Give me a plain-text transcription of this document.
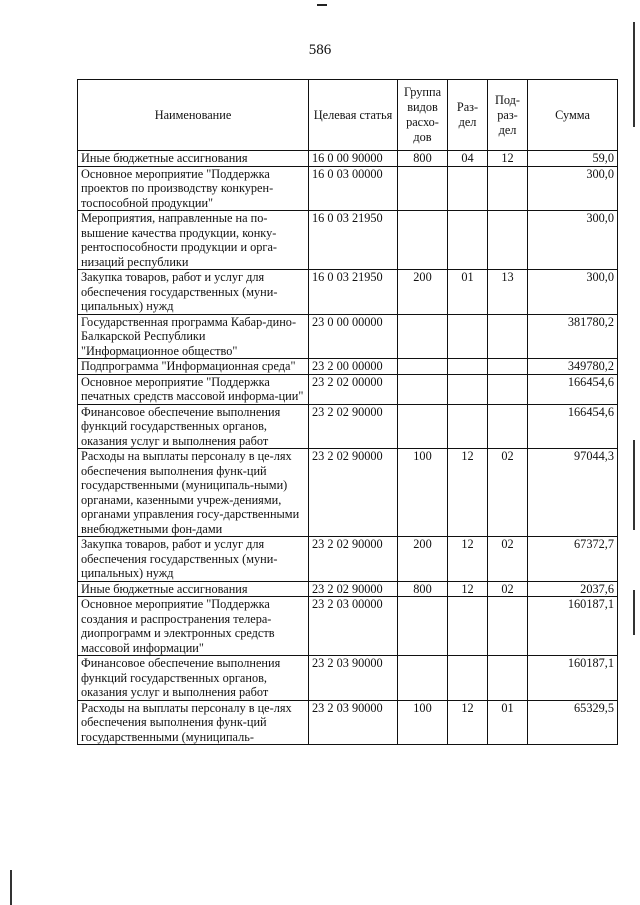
586
Наименование	Целевая статья	Группа видов расхо-дов	Раз-дел	Под-раз-дел	Сумма
Иные бюджетные ассигнования	16 0 00 90000	800	04	12	59,0
Основное мероприятие "Поддержка проектов по производству конкурен-тоспособной продукции"	16 0 03 00000				300,0
Мероприятия, направленные на по-вышение качества продукции, конку-рентоспособности продукции и орга-низаций республики	16 0 03 21950				300,0
Закупка товаров, работ и услуг для обеспечения государственных (муни-ципальных) нужд	16 0 03 21950	200	01	13	300,0
Государственная программа Кабар-дино-Балкарской Республики "Информационное общество"	23 0 00 00000				381780,2
Подпрограмма "Информационная среда"	23 2 00 00000				349780,2
Основное мероприятие "Поддержка печатных средств массовой информа-ции"	23 2 02 00000				166454,6
Финансовое обеспечение выполнения функций государственных органов, оказания услуг и выполнения работ	23 2 02 90000				166454,6
Расходы на выплаты персоналу в це-лях обеспечения выполнения функ-ций государственными (муниципаль-ными) органами, казенными учреж-дениями, органами управления госу-дарственными внебюджетными фон-дами	23 2 02 90000	100	12	02	97044,3
Закупка товаров, работ и услуг для обеспечения государственных (муни-ципальных) нужд	23 2 02 90000	200	12	02	67372,7
Иные бюджетные ассигнования	23 2 02 90000	800	12	02	2037,6
Основное мероприятие "Поддержка создания и распространения телера-диопрограмм и электронных средств массовой информации"	23 2 03 00000				160187,1
Финансовое обеспечение выполнения функций государственных органов, оказания услуг и выполнения работ	23 2 03 90000				160187,1
Расходы на выплаты персоналу в це-лях обеспечения выполнения функ-ций государственными (муниципаль-	23 2 03 90000	100	12	01	65329,5
